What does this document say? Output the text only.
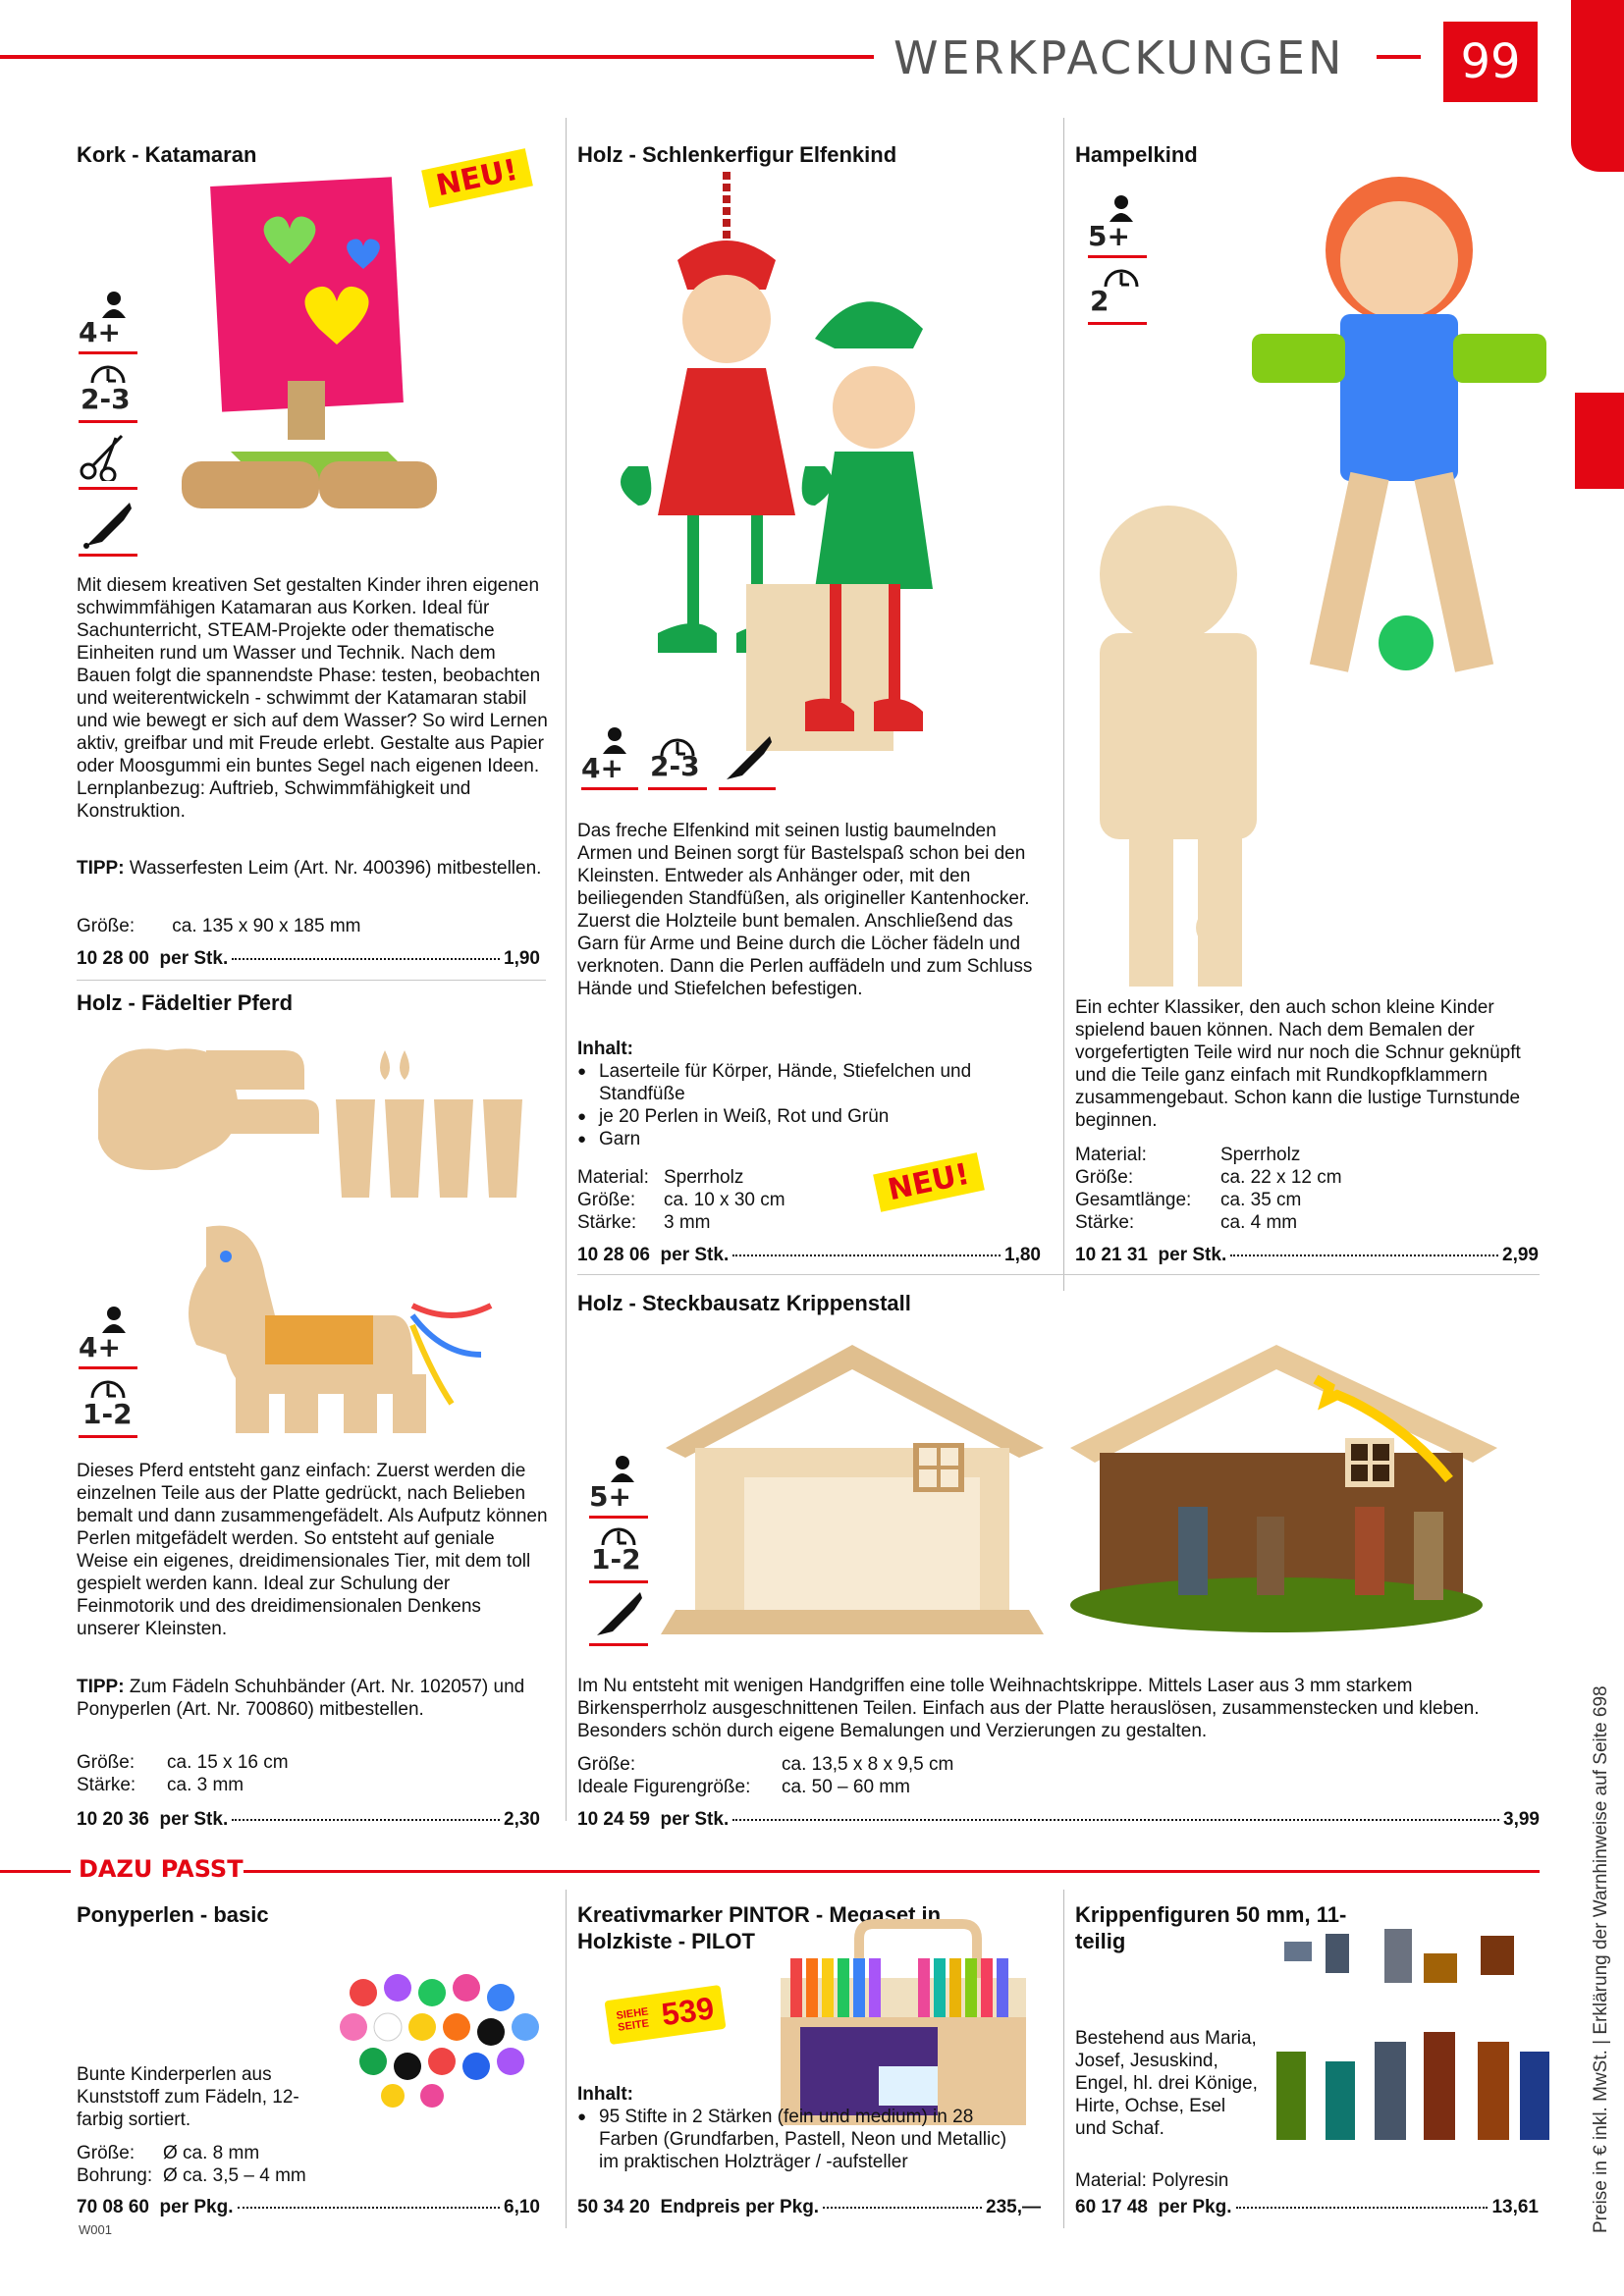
WERKPACKUNGEN	99
Preise in € inkl. MwSt. | Erklärung der Warnhinweise auf Seite 698
Kork - Katamaran	NEU!
4+
2-3
Mit diesem kreativen Set gestalten Kinder ihren eigenen schwimmfähigen Katamaran aus Korken. Ideal für Sachunterricht, STEAM-Projekte oder thematische Einheiten rund um Wasser und Technik. Nach dem Bauen folgt die spannendste Phase: testen, beobachten und weiterentwickeln - schwimmt der Katamaran stabil und wie bewegt er sich auf dem Wasser? So wird Lernen aktiv, greifbar und mit Freude erlebt. Gestalte aus Papier oder Moosgummi ein buntes Segel nach eigenen Ideen. Lernplanbezug: Auftrieb, Schwimmfähigkeit und Konstruktion.
TIPP: Wasserfesten Leim (Art. Nr. 400396) mitbestellen.
Größe: ca. 135 x 90 x 185 mm
10 28 00
per Stk.	1,90
Holz - Fädeltier Pferd
4+
1-2
Dieses Pferd entsteht ganz einfach: Zuerst werden die einzelnen Teile aus der Platte gedrückt, nach Belieben bemalt und dann zusammengefädelt. Als Aufputz können Perlen mitgefädelt werden. So entsteht auf geniale Weise ein eigenes, dreidimensionales Tier, mit dem toll gespielt werden kann. Ideal zur Schulung der Feinmotorik und des dreidimensionalen Denkens unserer Kleinsten.
TIPP: Zum Fädeln Schuhbänder (Art. Nr. 102057) und Ponyperlen (Art. Nr. 700860) mitbestellen.
Größe:	ca. 15 x 16 cm
Stärke:	ca. 3 mm
10 20 36
per Stk.	2,30
Holz - Schlenkerfigur Elfenkind
4+ 2-3
Das freche Elfenkind mit seinen lustig baumelnden Armen und Beinen sorgt für Bastelspaß schon bei den Kleinsten. Entweder als Anhänger oder, mit den beiliegenden Standfüßen, als origineller Kantenhocker. Zuerst die Holzteile bunt bemalen. Anschließend das Garn für Arme und Beine durch die Löcher fädeln und verknoten. Dann die Perlen auffädeln und zum Schluss Hände und Stiefelchen befestigen.
Inhalt:
● Laserteile für Körper, Hände, Stiefelchen und Standfüße
● je 20 Perlen in Weiß, Rot und Grün
● Garn
Material:	Sperrholz
Größe:	ca. 10 x 30 cm
Stärke:	3 mm
NEU!
10 28 06
per Stk.	1,80
Hampelkind
5+
2
Ein echter Klassiker, den auch schon kleine Kinder spielend bauen können. Nach dem Bemalen der vorgefertigten Teile wird nur noch die Schnur geknüpft und die Teile ganz einfach mit Rundkopfklammern zusammengebaut. Schon kann die lustige Turnstunde beginnen.
Material:	Sperrholz
Größe:	ca. 22 x 12 cm
Gesamtlänge:	ca. 35 cm
Stärke:	ca. 4 mm
10 21 31
per Stk.	2,99
Holz - Steckbausatz Krippenstall
5+
1-2
Im Nu entsteht mit wenigen Handgriffen eine tolle Weihnachtskrippe. Mittels Laser aus 3 mm starkem Birkensperrholz ausgeschnittenen Teilen. Einfach aus der Platte herauslösen, zusammenstecken und kleben. Besonders schön durch eigene Bemalungen und Verzierungen zu gestalten.
Größe:	ca. 13,5 x 8 x 9,5 cm
Ideale Figurengröße:	ca. 50 – 60 mm
10 24 59
per Stk.	3,99
DAZU PASST
Ponyperlen - basic
Bunte Kinderperlen aus Kunststoff zum Fädeln, 12-farbig sortiert.
Größe:	Ø ca. 8 mm
Bohrung:	Ø ca. 3,5 – 4 mm
70 08 60
per Pkg.	6,10
W001
Kreativmarker PINTOR - Megaset in Holzkiste - PILOT
SIEHE SEITE 539
Inhalt:
● 95 Stifte in 2 Stärken (fein und medium) in 28 Farben (Grundfarben, Pastell, Neon und Metallic) im praktischen Holzträger / -aufsteller
50 34 20
Endpreis per Pkg.	235,—
Krippenfiguren 50 mm, 11-teilig
Bestehend aus Maria, Josef, Jesuskind, Engel, hl. drei Könige, Hirte, Ochse, Esel und Schaf.
Material: Polyresin
60 17 48
per Pkg.	13,61
